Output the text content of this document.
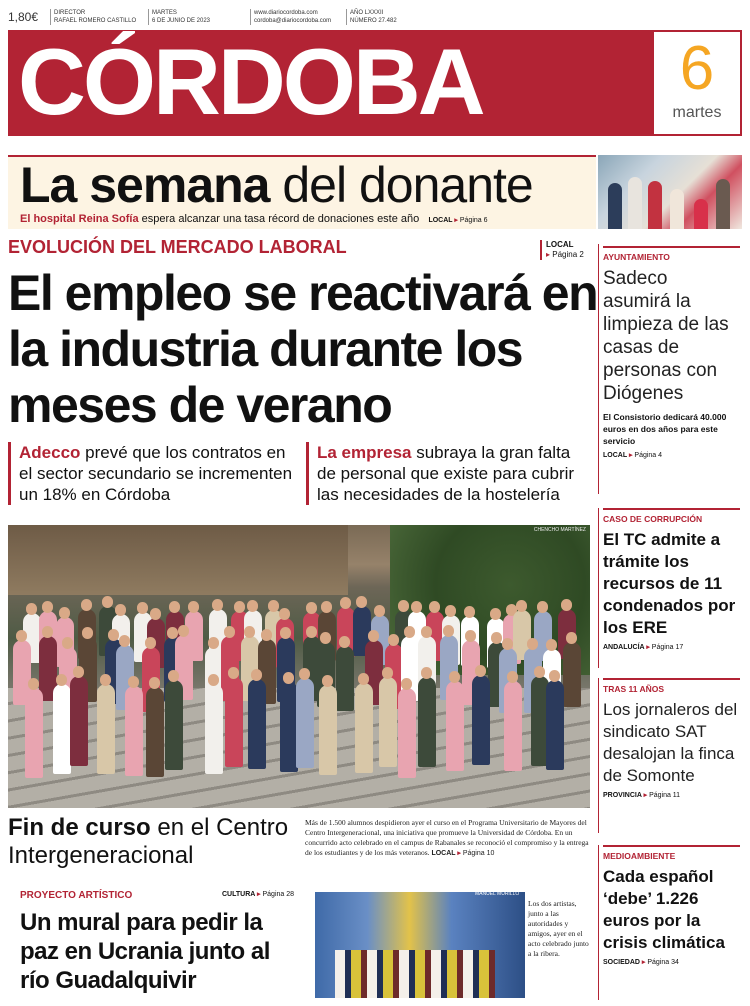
1,80€	DIRECTOR
RAFAEL ROMERO CASTILLO
MARTES
6 DE JUNIO DE 2023
www.diariocordoba.com
cordoba@diariocordoba.com
AÑO LXXXII
NÚMERO 27.482
CÓRDOBA	6
martes
La semana del donante
El hospital Reina Sofía espera alcanzar una tasa récord de donaciones este año LOCAL ▸ Página 6
EVOLUCIÓN DEL MERCADO LABORAL	LOCAL
▸ Página 2
El empleo se reactivará en la industria durante los meses de verano
Adecco prevé que los contratos en el sector secundario se incrementen un 18% en Córdoba
La empresa subraya la gran falta de personal que existe para cubrir las necesidades de la hostelería
CHENCHO MARTÍNEZ
Fin de curso en el Centro Intergeneracional
Más de 1.500 alumnos despidieron ayer el curso en el Programa Universitario de Mayores del Centro Intergeneracional, una iniciativa que promueve la Universidad de Córdoba. En un concurrido acto celebrado en el campus de Rabanales se reconoció el compromiso y la entrega de los estudiantes y de los más veteranos. LOCAL ▸ Página 10
PROYECTO ARTÍSTICO	CULTURA ▸ Página 28
Un mural para pedir la paz en Ucrania junto al río Guadalquivir
MANUEL MURILLO
Los dos artistas, junto a las autoridades y amigos, ayer en el acto celebrado junto a la ribera.
AYUNTAMIENTO
Sadeco asumirá la limpieza de las casas de personas con Diógenes
El Consistorio dedicará 40.000 euros en dos años para este servicio
LOCAL ▸ Página 4
CASO DE CORRUPCIÓN
El TC admite a trámite los recursos de 11 condenados por los ERE
ANDALUCÍA ▸ Página 17
TRAS 11 AÑOS
Los jornaleros del sindicato SAT desalojan la finca de Somonte
PROVINCIA ▸ Página 11
MEDIOAMBIENTE
Cada español ‘debe’ 1.226 euros por la crisis climática
SOCIEDAD ▸ Página 34
